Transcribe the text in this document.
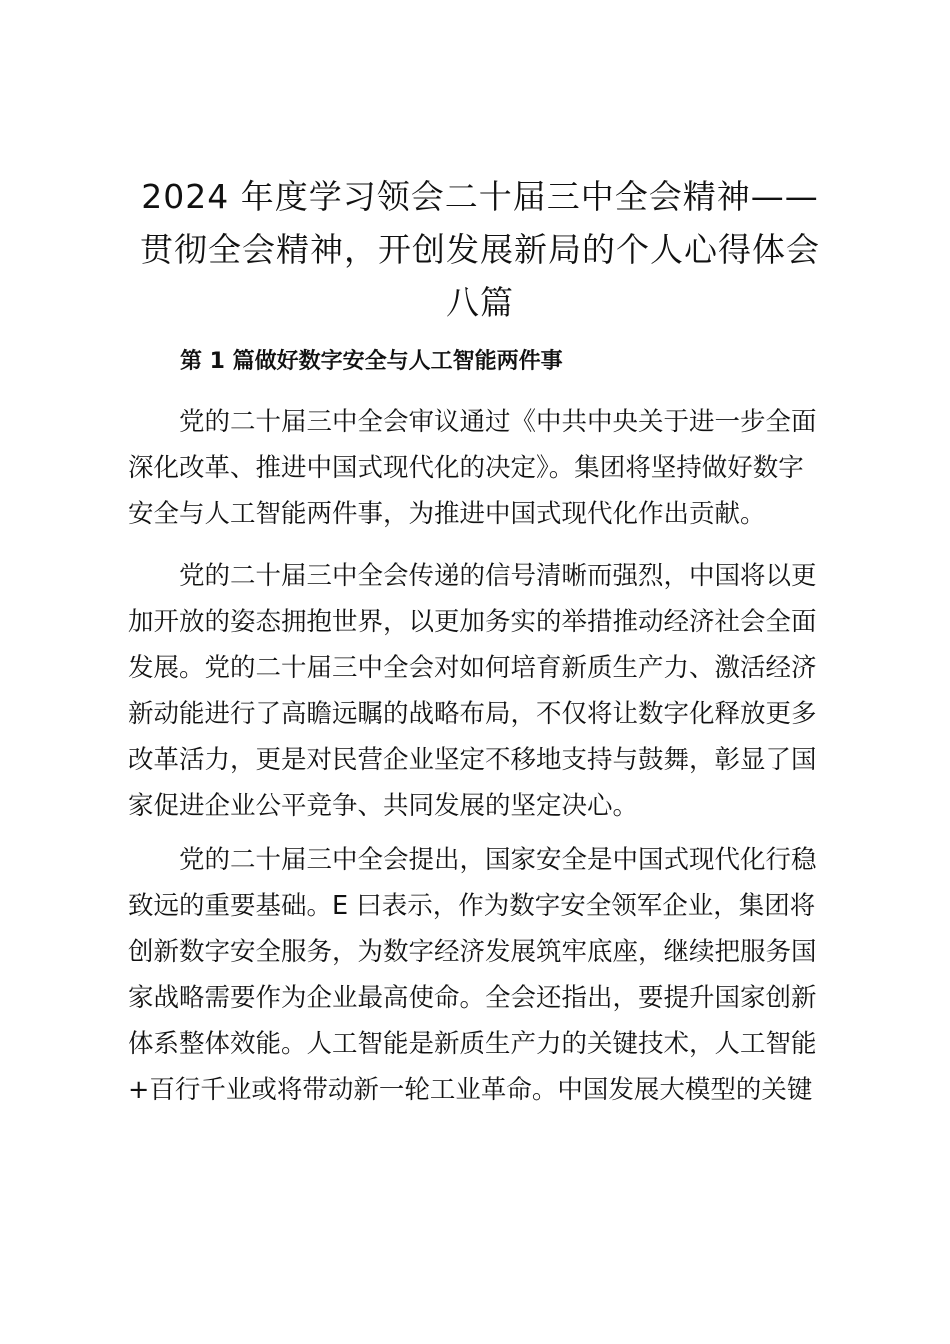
2024 年度学习领会二十届三中全会精神——
贯彻全会精神，开创发展新局的个人心得体会
八篇
第 1 篇做好数字安全与人工智能两件事

党的二十届三中全会审议通过《中共中央关于进一步全面
深化改革、推进中国式现代化的决定》。集团将坚持做好数字
安全与人工智能两件事，为推进中国式现代化作出贡献。

党的二十届三中全会传递的信号清晰而强烈，中国将以更
加开放的姿态拥抱世界，以更加务实的举措推动经济社会全面
发展。党的二十届三中全会对如何培育新质生产力、激活经济
新动能进行了高瞻远瞩的战略布局，不仅将让数字化释放更多
改革活力，更是对民营企业坚定不移地支持与鼓舞，彰显了国
家促进企业公平竞争、共同发展的坚定决心。

党的二十届三中全会提出，国家安全是中国式现代化行稳
致远的重要基础。E 曰表示，作为数字安全领军企业，集团将
创新数字安全服务，为数字经济发展筑牢底座，继续把服务国
家战略需要作为企业最高使命。全会还指出，要提升国家创新
体系整体效能。人工智能是新质生产力的关键技术，人工智能
+百行千业或将带动新一轮工业革命。中国发展大模型的关键
